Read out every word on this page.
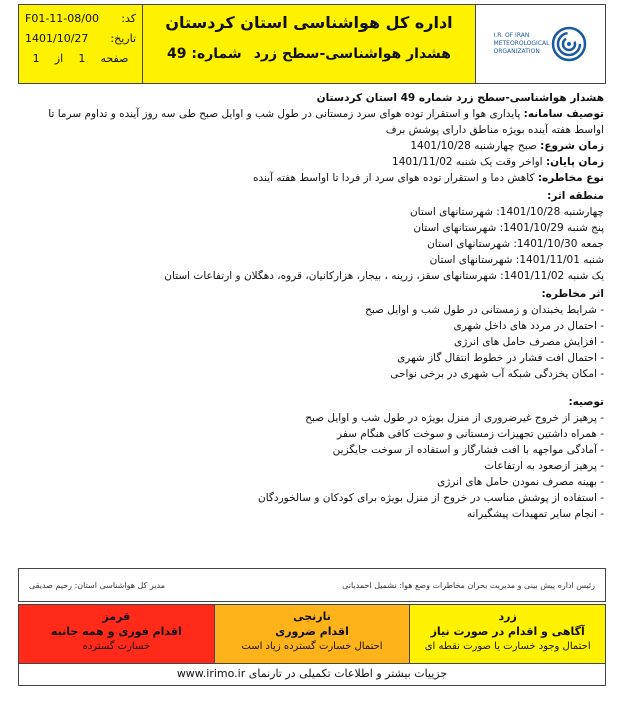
کد:
F01-11-08/00
تاریخ:
1401/10/27
صفحه
1
از
1
اداره کل هواشناسی استان کردستان
هشدار هواشناسی-سطح زرد
شماره: 49
I.R. OF IRAN
METEOROLOGICAL
ORGANIZATION
هشدار هواشناسی-سطح زرد شماره 49 استان کردستان
توصیف سامانه: پایداری هوا و استقرار توده هوای سرد زمستانی در طول شب و اوایل صبح طی سه روز آینده و تداوم سرما تا اواسط هفته آینده بویژه مناطق دارای پوشش برف
زمان شروع: صبح چهارشنبه 1401/10/28
زمان پایان: اواخر وقت یک شنبه 1401/11/02
نوع مخاطره: کاهش دما و استقرار توده هوای سرد از فردا تا اواسط هفته آینده
منطقه اثر:
چهارشنبه 1401/10/28: شهرستانهای استان
پنج شنبه 1401/10/29: شهرستانهای استان
جمعه 1401/10/30: شهرستانهای استان
شنبه 1401/11/01: شهرستانهای استان
یک شنبه 1401/11/02: شهرستانهای سقز، زرینه ، بیجار، هزارکانیان، قروه، دهگلان و ارتفاعات استان
اثر مخاطره:
- شرایط یخبندان و زمستانی در طول شب و اوایل صبح
- احتمال در مردد های داخل شهری
- افزایش مصرف حامل های انرژی
- احتمال افت فشار در خطوط انتقال گاز شهری
- امکان یخزدگی شبکه آب شهری در برخی نواحی
توصیه:
- پرهیز از خروج غیرضروری از منزل بویژه در طول شب و اوایل صبح
- همراه داشتین تجهیزات زمستانی و سوخت کافی هنگام سفر
- آمادگی مواجهه با افت فشارگاز و استفاده از سوخت جایگزین
- پرهیز ازصعود به ارتفاعات
- بهینه مصرف نمودن حامل های انرژی
- استفاده از پوشش مناسب در خروج از منزل بویژه برای کودکان و سالخوردگان
- انجام سایر تمهیدات پیشگیرانه
رئیس اداره پیش بینی و مدیریت بحران مخاطرات وضع هوا: نشمیل احمدیانی
مدیر کل هواشناسی استان: رحیم صدیقی
قرمز
اقدام فوری و همه جانبه
خسارت گسترده
نارنجی
اقدام ضروری
احتمال خسارت گسترده زیاد است
زرد
آگاهی و اقدام در صورت نیاز
احتمال وجود خسارت یا صورت نقطه ای
جزییات بیشتر و اطلاعات تکمیلی در تارنمای www.irimo.ir
